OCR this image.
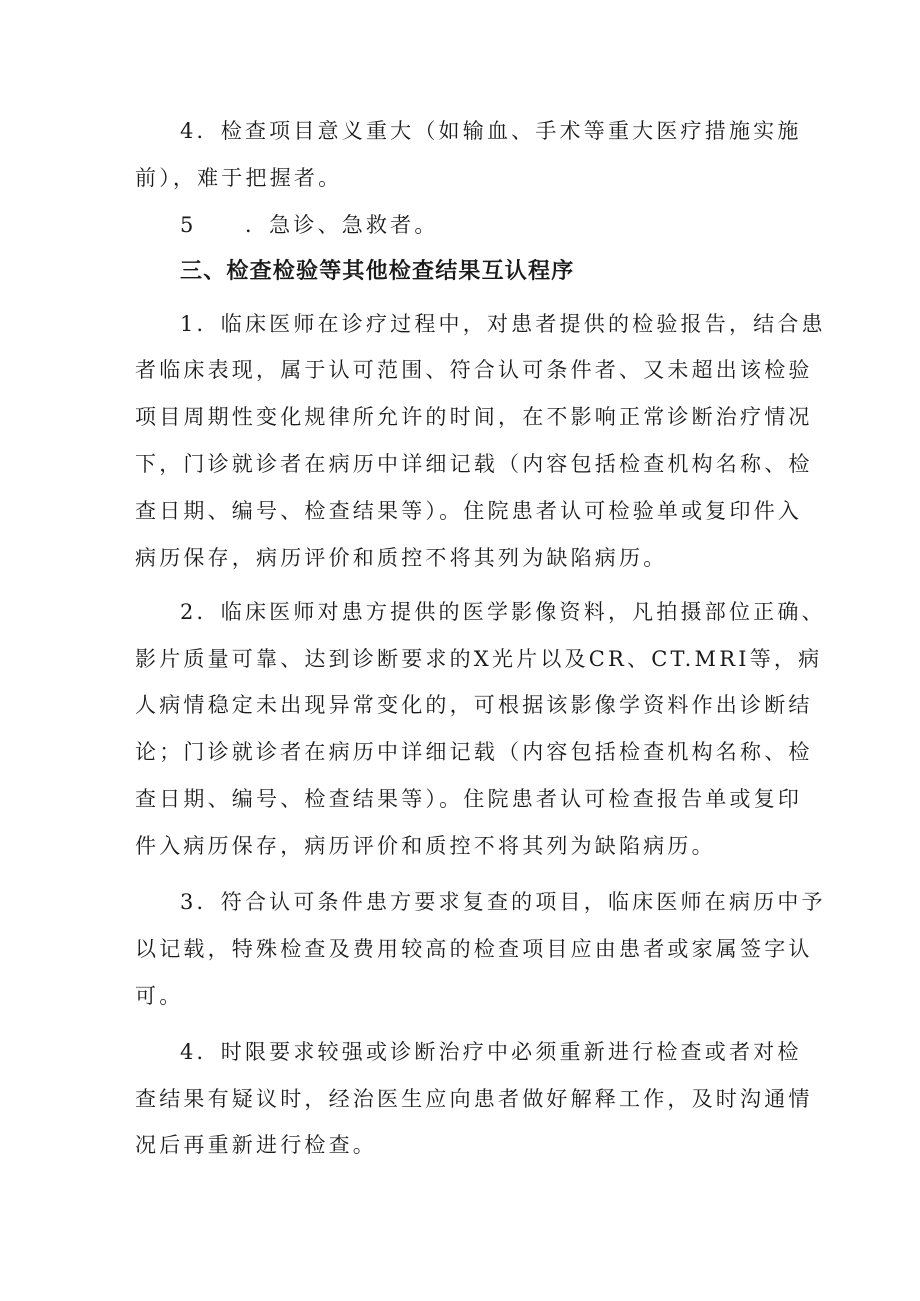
4．检查项目意义重大（如输血、手术等重大医疗措施实施
前），难于把握者。
5　　．急诊、急救者。
三、检查检验等其他检查结果互认程序
1．临床医师在诊疗过程中，对患者提供的检验报告，结合患
者临床表现，属于认可范围、符合认可条件者、又未超出该检验
项目周期性变化规律所允许的时间，在不影响正常诊断治疗情况
下，门诊就诊者在病历中详细记载（内容包括检查机构名称、检
查日期、编号、检查结果等）。住院患者认可检验单或复印件入
病历保存，病历评价和质控不将其列为缺陷病历。
2．临床医师对患方提供的医学影像资料，凡拍摄部位正确、
影片质量可靠、达到诊断要求的X光片以及CR、CT.MRI等，病
人病情稳定未出现异常变化的，可根据该影像学资料作出诊断结
论；门诊就诊者在病历中详细记载（内容包括检查机构名称、检
查日期、编号、检查结果等）。住院患者认可检查报告单或复印
件入病历保存，病历评价和质控不将其列为缺陷病历。
3．符合认可条件患方要求复查的项目，临床医师在病历中予
以记载，特殊检查及费用较高的检查项目应由患者或家属签字认
可。
4．时限要求较强或诊断治疗中必须重新进行检查或者对检
查结果有疑议时，经治医生应向患者做好解释工作，及时沟通情
况后再重新进行检查。
